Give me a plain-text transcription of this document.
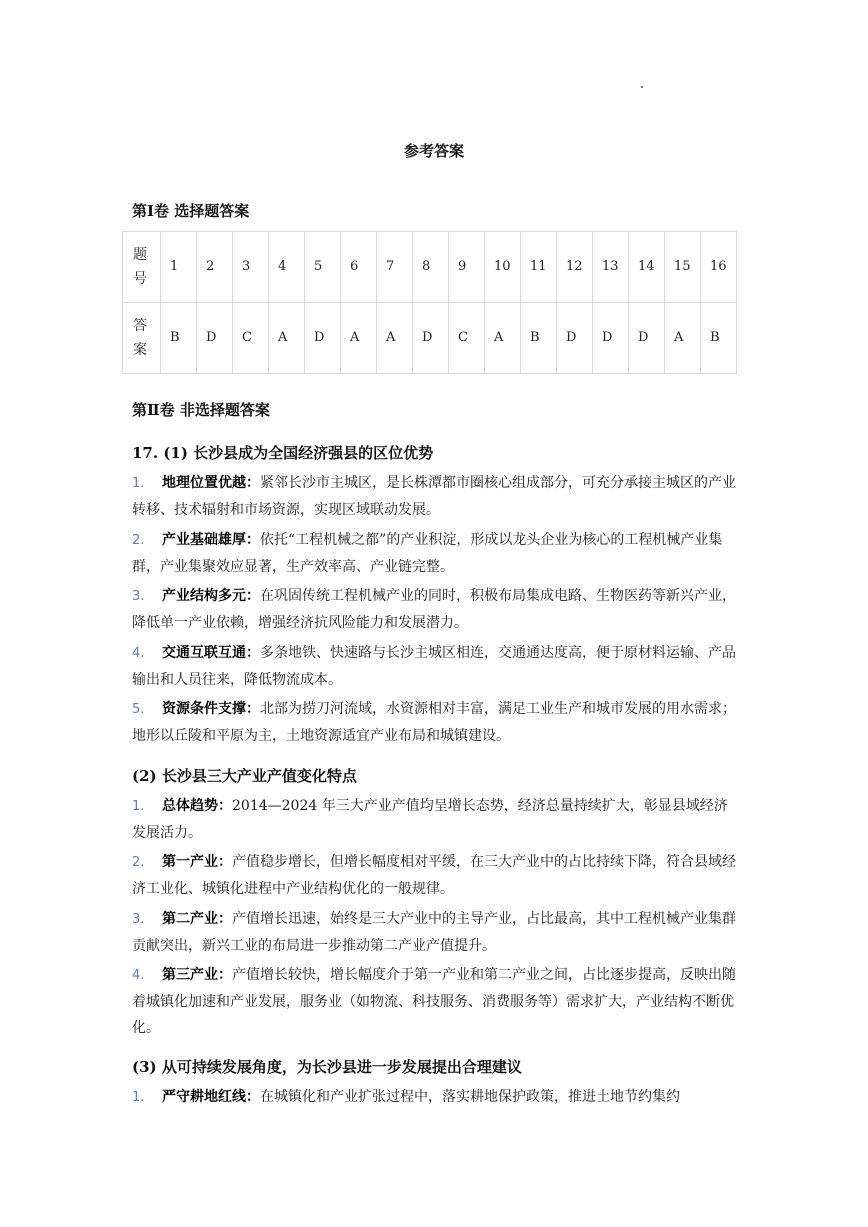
参考答案
第Ⅰ卷 选择题答案
题号	1	2	3	4	5	6	7	8	9	10	11	12	13	14	15	16
答案	B	D	C	A	D	A	A	D	C	A	B	D	D	D	A	B
第Ⅱ卷 非选择题答案
17. (1) 长沙县成为全国经济强县的区位优势
1. 地理位置优越：紧邻长沙市主城区，是长株潭都市圈核心组成部分，可充分承接主城区的产业转移、技术辐射和市场资源，实现区域联动发展。
2. 产业基础雄厚：依托“工程机械之都”的产业积淀，形成以龙头企业为核心的工程机械产业集群，产业集聚效应显著，生产效率高、产业链完整。
3. 产业结构多元：在巩固传统工程机械产业的同时，积极布局集成电路、生物医药等新兴产业，降低单一产业依赖，增强经济抗风险能力和发展潜力。
4. 交通互联互通：多条地铁、快速路与长沙主城区相连，交通通达度高，便于原材料运输、产品输出和人员往来，降低物流成本。
5. 资源条件支撑：北部为捞刀河流域，水资源相对丰富，满足工业生产和城市发展的用水需求；地形以丘陵和平原为主，土地资源适宜产业布局和城镇建设。
(2) 长沙县三大产业产值变化特点
1. 总体趋势：2014—2024 年三大产业产值均呈增长态势，经济总量持续扩大，彰显县域经济发展活力。
2. 第一产业：产值稳步增长，但增长幅度相对平缓，在三大产业中的占比持续下降，符合县域经济工业化、城镇化进程中产业结构优化的一般规律。
3. 第二产业：产值增长迅速，始终是三大产业中的主导产业，占比最高，其中工程机械产业集群贡献突出，新兴工业的布局进一步推动第二产业产值提升。
4. 第三产业：产值增长较快，增长幅度介于第一产业和第二产业之间，占比逐步提高，反映出随着城镇化加速和产业发展，服务业（如物流、科技服务、消费服务等）需求扩大，产业结构不断优化。
(3) 从可持续发展角度，为长沙县进一步发展提出合理建议
1. 严守耕地红线：在城镇化和产业扩张过程中，落实耕地保护政策，推进土地节约集约
